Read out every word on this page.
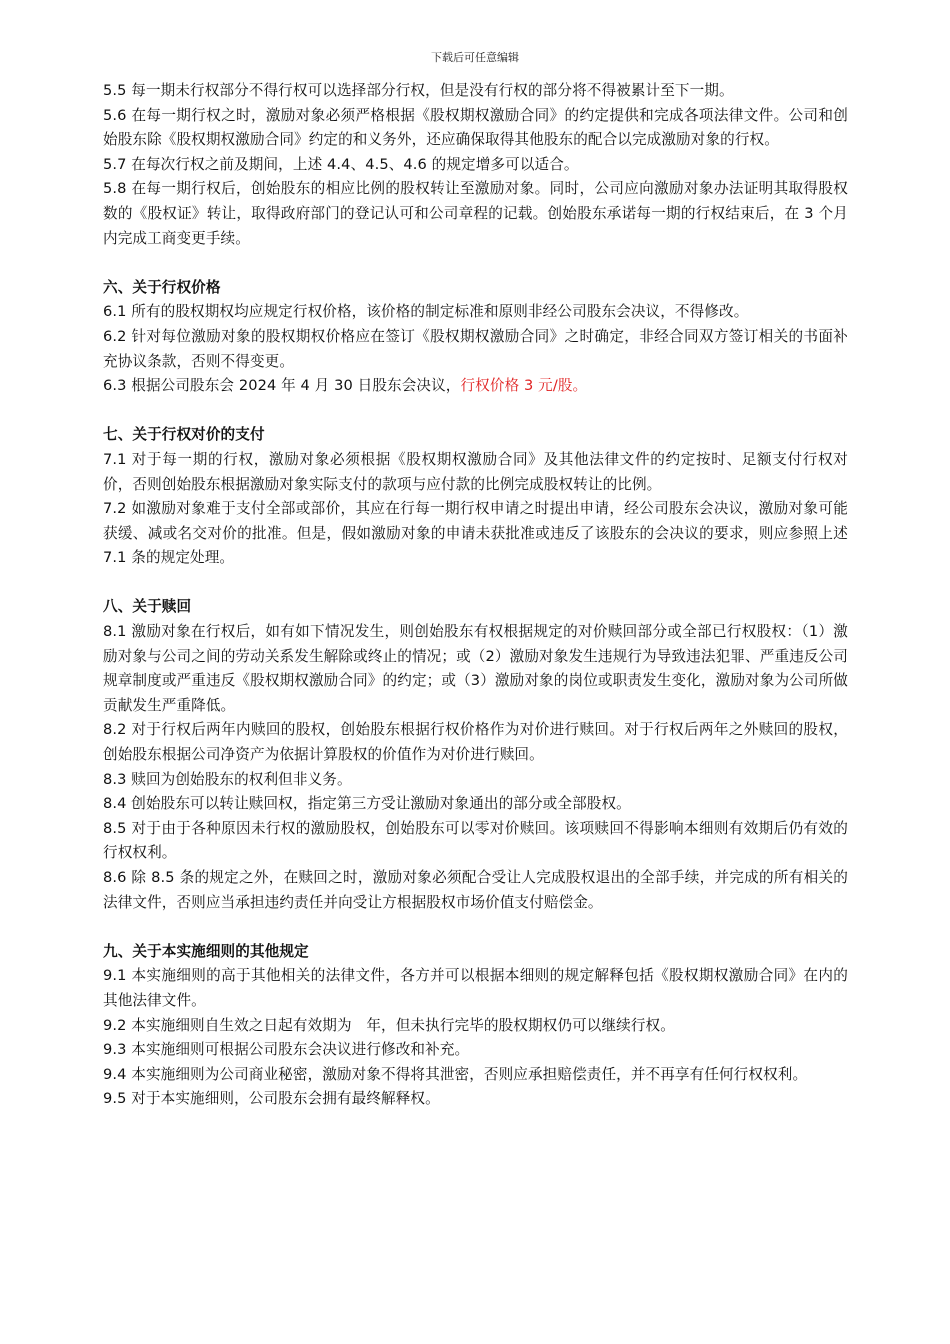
下载后可任意编辑

5.5 每一期未行权部分不得行权可以选择部分行权，但是没有行权的部分将不得被累计至下一期。

5.6 在每一期行权之时，激励对象必须严格根据《股权期权激励合同》的约定提供和完成各项法律文件。公司和创始股东除《股权期权激励合同》约定的和义务外，还应确保取得其他股东的配合以完成激励对象的行权。

5.7 在每次行权之前及期间，上述 4.4、4.5、4.6 的规定增多可以适合。

5.8 在每一期行权后，创始股东的相应比例的股权转让至激励对象。同时，公司应向激励对象办法证明其取得股权数的《股权证》转让，取得政府部门的登记认可和公司章程的记载。创始股东承诺每一期的行权结束后，在 3 个月内完成工商变更手续。

六、关于行权价格

6.1 所有的股权期权均应规定行权价格，该价格的制定标准和原则非经公司股东会决议，不得修改。

6.2 针对每位激励对象的股权期权价格应在签订《股权期权激励合同》之时确定，非经合同双方签订相关的书面补充协议条款，否则不得变更。

6.3 根据公司股东会 2024 年 4 月 30 日股东会决议，行权价格 3 元/股。

七、关于行权对价的支付

7.1 对于每一期的行权，激励对象必须根据《股权期权激励合同》及其他法律文件的约定按时、足额支付行权对价，否则创始股东根据激励对象实际支付的款项与应付款的比例完成股权转让的比例。

7.2 如激励对象难于支付全部或部价，其应在行每一期行权申请之时提出申请，经公司股东会决议，激励对象可能获缓、减或名交对价的批准。但是，假如激励对象的申请未获批准或违反了该股东的会决议的要求，则应参照上述 7.1 条的规定处理。

八、关于赎回

8.1 激励对象在行权后，如有如下情况发生，则创始股东有权根据规定的对价赎回部分或全部已行权股权：（1）激励对象与公司之间的劳动关系发生解除或终止的情况；或（2）激励对象发生违规行为导致违法犯罪、严重违反公司规章制度或严重违反《股权期权激励合同》的约定；或（3）激励对象的岗位或职责发生变化，激励对象为公司所做贡献发生严重降低。

8.2 对于行权后两年内赎回的股权，创始股东根据行权价格作为对价进行赎回。对于行权后两年之外赎回的股权，创始股东根据公司净资产为依据计算股权的价值作为对价进行赎回。

8.3 赎回为创始股东的权利但非义务。

8.4 创始股东可以转让赎回权，指定第三方受让激励对象通出的部分或全部股权。

8.5 对于由于各种原因未行权的激励股权，创始股东可以零对价赎回。该项赎回不得影响本细则有效期后仍有效的行权权利。

8.6 除 8.5 条的规定之外，在赎回之时，激励对象必须配合受让人完成股权退出的全部手续，并完成的所有相关的法律文件，否则应当承担违约责任并向受让方根据股权市场价值支付赔偿金。

九、关于本实施细则的其他规定

9.1 本实施细则的高于其他相关的法律文件，各方并可以根据本细则的规定解释包括《股权期权激励合同》在内的其他法律文件。

9.2 本实施细则自生效之日起有效期为　年，但未执行完毕的股权期权仍可以继续行权。

9.3 本实施细则可根据公司股东会决议进行修改和补充。

9.4 本实施细则为公司商业秘密，激励对象不得将其泄密，否则应承担赔偿责任，并不再享有任何行权权利。

9.5 对于本实施细则，公司股东会拥有最终解释权。
